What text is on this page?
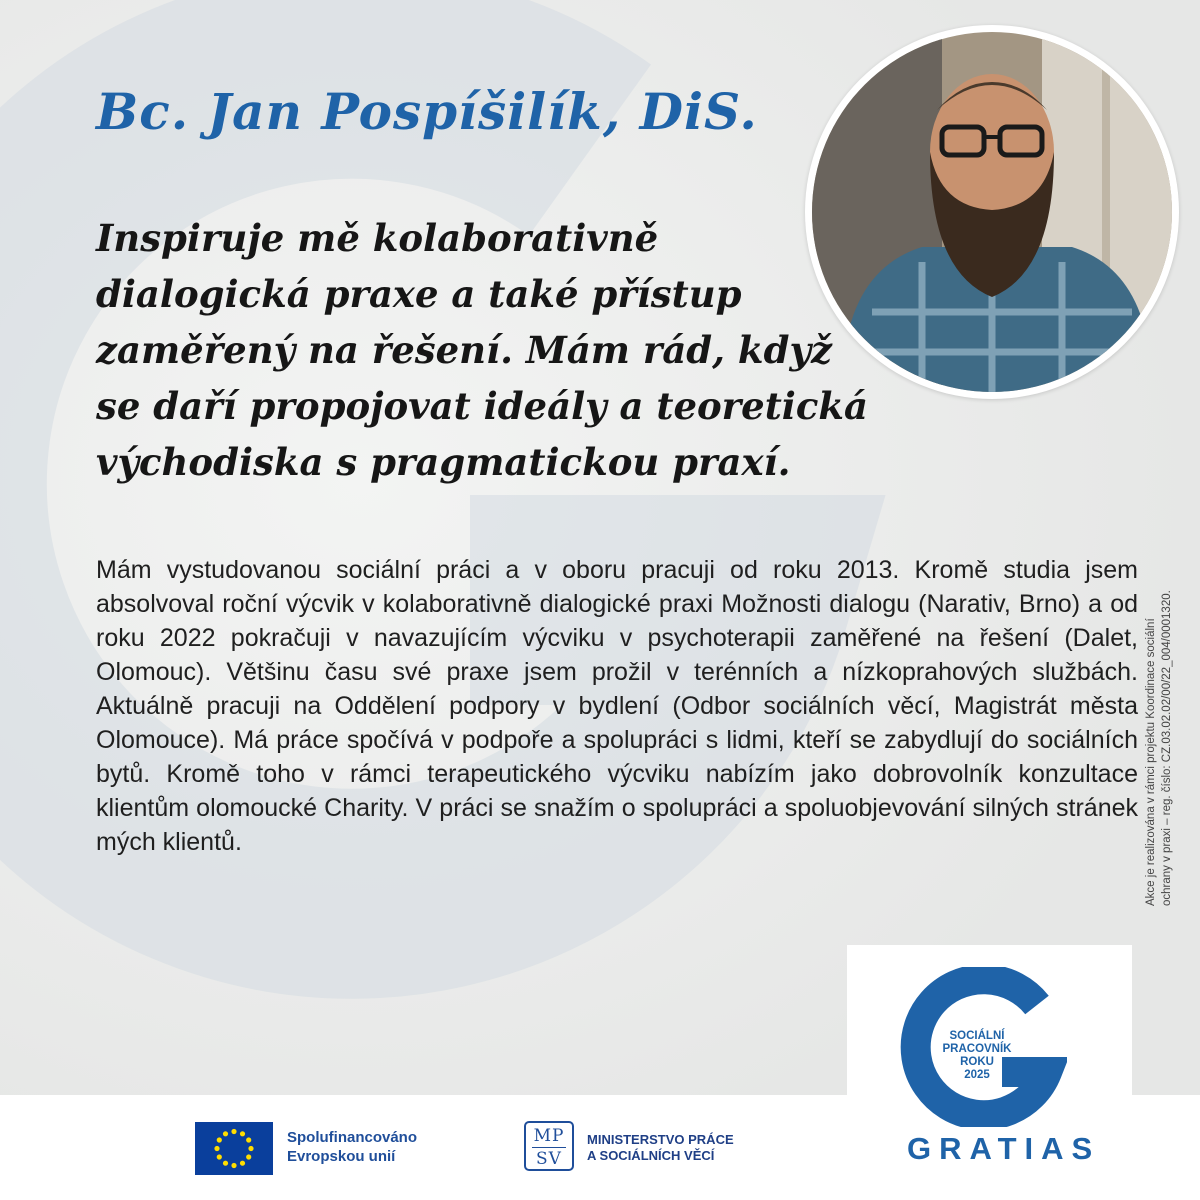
Bc. Jan Pospíšilík, DiS.
Inspiruje mě kolaborativně
dialogická praxe a také přístup
zaměřený na řešení. Mám rád, když
se daří propojovat ideály a teoretická
východiska s pragmatickou praxí.

Mám vystudovanou sociální práci a v oboru pracuji od roku 2013. Kromě studia jsem absolvoval roční výcvik v kolaborativně dialogické praxi Možnosti dialogu (Narativ, Brno) a od roku 2022 pokračuji v navazujícím výcviku v psychoterapii zaměřené na řešení (Dalet, Olomouc). Většinu času své praxe jsem prožil v terénních a nízkoprahových službách. Aktuálně pracuji na Oddělení podpory v bydlení (Odbor sociálních věcí, Magistrát města Olomouce). Má práce spočívá v podpoře a spolupráci s lidmi, kteří se zabydlují do sociálních bytů. Kromě toho v rámci terapeutického výcviku nabízím jako dobrovolník konzultace klientům olomoucké Charity. V práci se snažím o spolupráci a spoluobjevování silných stránek mých klientů.	Akce je realizována v rámci projektu Koordinace sociální ochrany v praxi – reg. číslo: CZ.03.02.02/00/22_004/0001320.

SOCIÁLNÍ
PRACOVNÍK
ROKU
2025

GRATIAS

Spolufinancováno
Evropskou unií

MP
SV

MINISTERSTVO PRÁCE
A SOCIÁLNÍCH VĚCÍ
